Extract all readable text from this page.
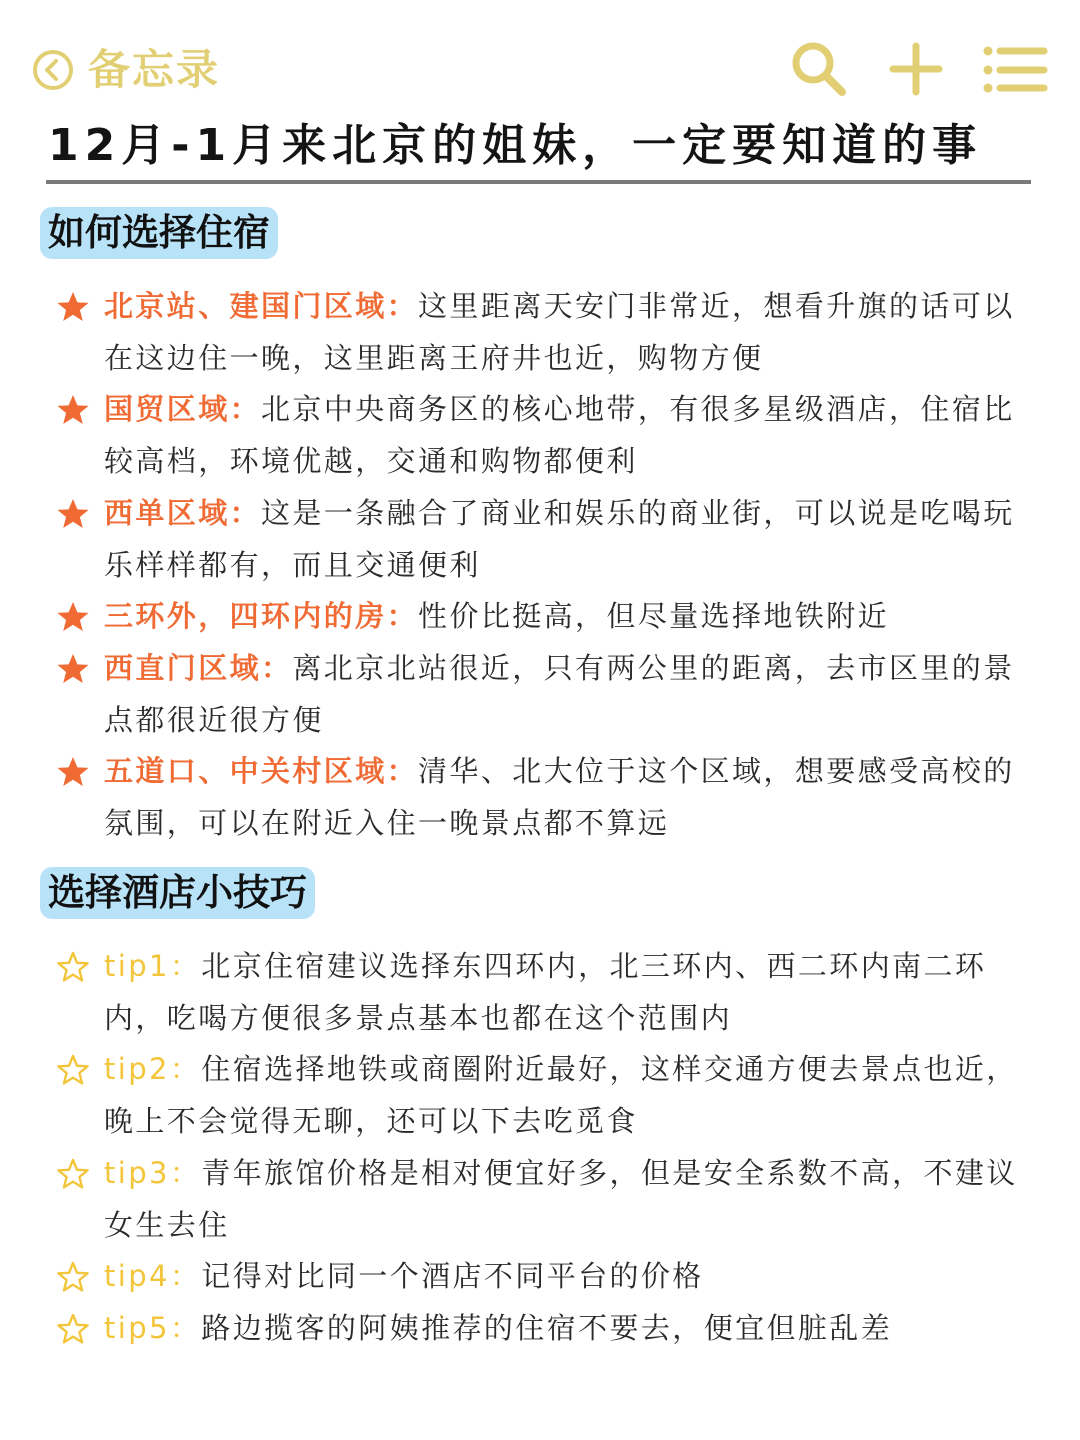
备忘录
12月-1月来北京的姐妹，一定要知道的事
如何选择住宿
北京站、建国门区域：这里距离天安门非常近，想看升旗的话可以在这边住一晚，这里距离王府井也近，购物方便
国贸区域：北京中央商务区的核心地带，有很多星级酒店，住宿比较高档，环境优越，交通和购物都便利
西单区域：这是一条融合了商业和娱乐的商业街，可以说是吃喝玩乐样样都有，而且交通便利
三环外，四环内的房：性价比挺高，但尽量选择地铁附近
西直门区域：离北京北站很近，只有两公里的距离，去市区里的景点都很近很方便
五道口、中关村区域：清华、北大位于这个区域，想要感受高校的氛围，可以在附近入住一晚景点都不算远
选择酒店小技巧
tip1：北京住宿建议选择东四环内，北三环内、西二环内南二环内，吃喝方便很多景点基本也都在这个范围内
tip2：住宿选择地铁或商圈附近最好，这样交通方便去景点也近，晚上不会觉得无聊，还可以下去吃觅食
tip3：青年旅馆价格是相对便宜好多，但是安全系数不高，不建议女生去住
tip4：记得对比同一个酒店不同平台的价格
tip5：路边揽客的阿姨推荐的住宿不要去，便宜但脏乱差
